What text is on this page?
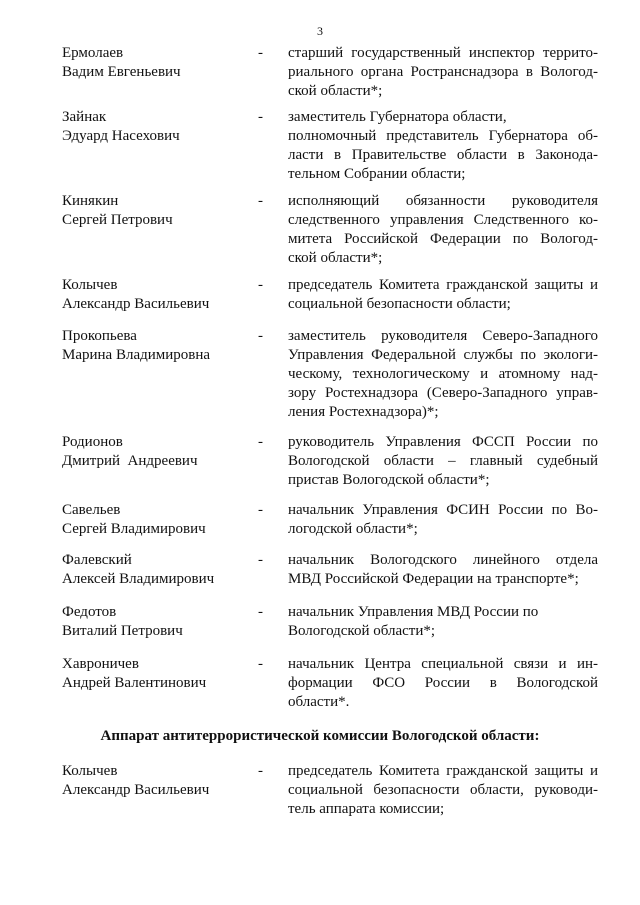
3
Ермолаев
Вадим Евгеньевич
- старший государственный инспектор террито-
риального органа Ространснадзора в Вологод-
ской области*;
Зайнак
Эдуард Насехович
- заместитель Губернатора области,
полномочный представитель Губернатора об-
ласти в Правительстве области в Законода-
тельном Собрании области;
Кинякин
Сергей Петрович
- исполняющий обязанности руководителя
следственного управления Следственного ко-
митета Российской Федерации по Вологод-
ской области*;
Колычев
Александр Васильевич
- председатель Комитета гражданской защиты и
социальной безопасности области;
Прокопьева
Марина Владимировна
- заместитель руководителя Северо-Западного
Управления Федеральной службы по экологи-
ческому, технологическому и атомному над-
зору Ростехнадзора (Северо-Западного управ-
ления Ростехнадзора)*;
Родионов
Дмитрий  Андреевич
- руководитель Управления ФССП России по
Вологодской области – главный судебный
пристав Вологодской области*;
Савельев
Сергей Владимирович
- начальник Управления ФСИН России по Во-
логодской области*;
Фалевский
Алексей Владимирович
- начальник Вологодского линейного отдела
МВД Российской Федерации на транспорте*;
Федотов
Виталий Петрович
- начальник Управления МВД России по
Вологодской области*;
Хавроничев
Андрей Валентинович
- начальник Центра специальной связи и ин-
формации ФСО России в Вологодской
области*.
Аппарат антитеррористической комиссии Вологодской области:
Колычев
Александр Васильевич
- председатель Комитета гражданской защиты и
социальной безопасности области, руководи-
тель аппарата комиссии;
